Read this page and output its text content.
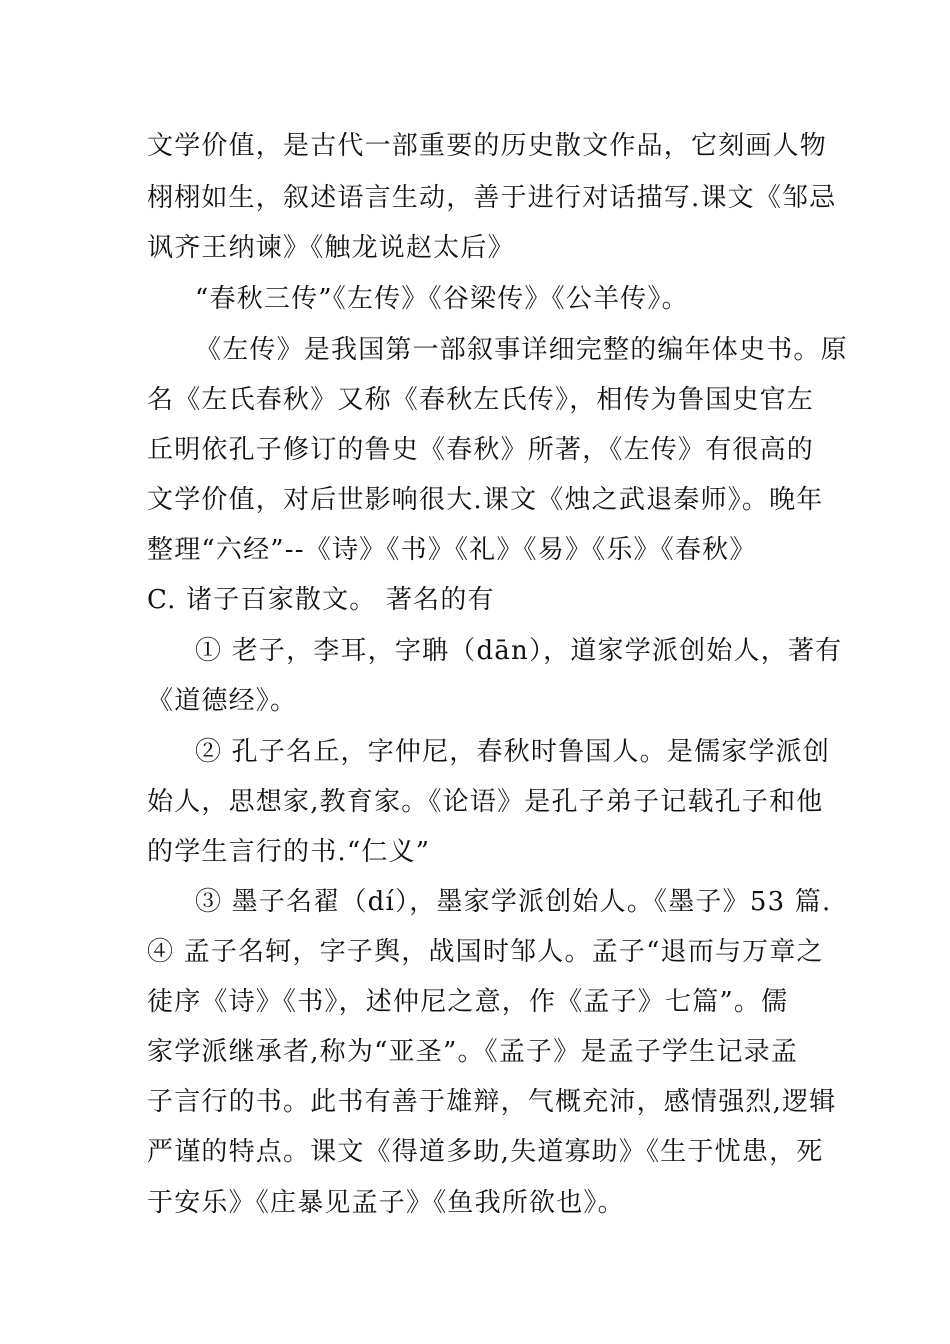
文学价值，是古代一部重要的历史散文作品，它刻画人物
栩栩如生，叙述语言生动，善于进行对话描写.课文《邹忌
讽齐王纳谏》《触龙说赵太后》
“春秋三传”《左传》《谷梁传》《公羊传》。
《左传》是我国第一部叙事详细完整的编年体史书。原
名《左氏春秋》又称《春秋左氏传》，相传为鲁国史官左
丘明依孔子修订的鲁史《春秋》所著，《左传》有很高的
文学价值，对后世影响很大.课文《烛之武退秦师》。晚年
整理“六经”--《诗》《书》《礼》《易》《乐》《春秋》
C. 诸子百家散文。 著名的有
① 老子，李耳，字聃（dān），道家学派创始人，著有
《道德经》。
② 孔子名丘，字仲尼，春秋时鲁国人。是儒家学派创
始人，思想家,教育家。《论语》是孔子弟子记载孔子和他
的学生言行的书.“仁义”
③ 墨子名翟（dí），墨家学派创始人。《墨子》53 篇.
④ 孟子名轲，字子舆，战国时邹人。孟子“退而与万章之
徒序《诗》《书》，述仲尼之意，作《孟子》七篇”。儒
家学派继承者,称为“亚圣”。《孟子》是孟子学生记录孟
子言行的书。此书有善于雄辩，气概充沛，感情强烈,逻辑
严谨的特点。课文《得道多助,失道寡助》《生于忧患，死
于安乐》《庄暴见孟子》《鱼我所欲也》。
